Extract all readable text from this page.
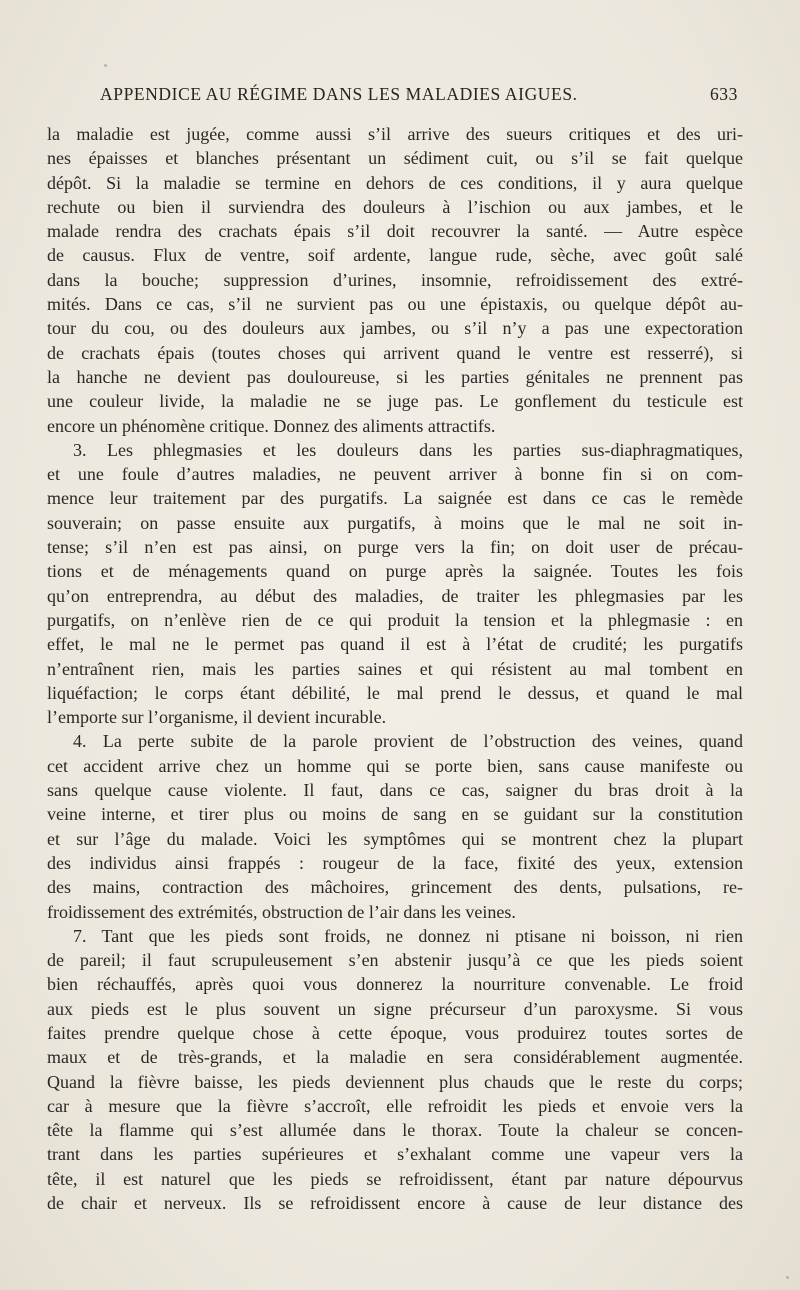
APPENDICE AU RÉGIME DANS LES MALADIES AIGUES.	633
la maladie est jugée, comme aussi s’il arrive des sueurs critiques et des uri-
nes épaisses et blanches présentant un sédiment cuit, ou s’il se fait quelque
dépôt. Si la maladie se termine en dehors de ces conditions, il y aura quelque
rechute ou bien il surviendra des douleurs à l’ischion ou aux jambes, et le
malade rendra des crachats épais s’il doit recouvrer la santé. — Autre espèce
de causus. Flux de ventre, soif ardente, langue rude, sèche, avec goût salé
dans la bouche; suppression d’urines, insomnie, refroidissement des extré-
mités. Dans ce cas, s’il ne survient pas ou une épistaxis, ou quelque dépôt au-
tour du cou, ou des douleurs aux jambes, ou s’il n’y a pas une expectoration
de crachats épais (toutes choses qui arrivent quand le ventre est resserré), si
la hanche ne devient pas douloureuse, si les parties génitales ne prennent pas
une couleur livide, la maladie ne se juge pas. Le gonflement du testicule est
encore un phénomène critique. Donnez des aliments attractifs.
3. Les phlegmasies et les douleurs dans les parties sus-diaphragmatiques,
et une foule d’autres maladies, ne peuvent arriver à bonne fin si on com-
mence leur traitement par des purgatifs. La saignée est dans ce cas le remède
souverain; on passe ensuite aux purgatifs, à moins que le mal ne soit in-
tense; s’il n’en est pas ainsi, on purge vers la fin; on doit user de précau-
tions et de ménagements quand on purge après la saignée. Toutes les fois
qu’on entreprendra, au début des maladies, de traiter les phlegmasies par les
purgatifs, on n’enlève rien de ce qui produit la tension et la phlegmasie : en
effet, le mal ne le permet pas quand il est à l’état de crudité; les purgatifs
n’entraînent rien, mais les parties saines et qui résistent au mal tombent en
liquéfaction; le corps étant débilité, le mal prend le dessus, et quand le mal
l’emporte sur l’organisme, il devient incurable.
4. La perte subite de la parole provient de l’obstruction des veines, quand
cet accident arrive chez un homme qui se porte bien, sans cause manifeste ou
sans quelque cause violente. Il faut, dans ce cas, saigner du bras droit à la
veine interne, et tirer plus ou moins de sang en se guidant sur la constitution
et sur l’âge du malade. Voici les symptômes qui se montrent chez la plupart
des individus ainsi frappés : rougeur de la face, fixité des yeux, extension
des mains, contraction des mâchoires, grincement des dents, pulsations, re-
froidissement des extrémités, obstruction de l’air dans les veines.
7. Tant que les pieds sont froids, ne donnez ni ptisane ni boisson, ni rien
de pareil; il faut scrupuleusement s’en abstenir jusqu’à ce que les pieds soient
bien réchauffés, après quoi vous donnerez la nourriture convenable. Le froid
aux pieds est le plus souvent un signe précurseur d’un paroxysme. Si vous
faites prendre quelque chose à cette époque, vous produirez toutes sortes de
maux et de très-grands, et la maladie en sera considérablement augmentée.
Quand la fièvre baisse, les pieds deviennent plus chauds que le reste du corps;
car à mesure que la fièvre s’accroît, elle refroidit les pieds et envoie vers la
tête la flamme qui s’est allumée dans le thorax. Toute la chaleur se concen-
trant dans les parties supérieures et s’exhalant comme une vapeur vers la
tête, il est naturel que les pieds se refroidissent, étant par nature dépourvus
de chair et nerveux. Ils se refroidissent encore à cause de leur distance des
